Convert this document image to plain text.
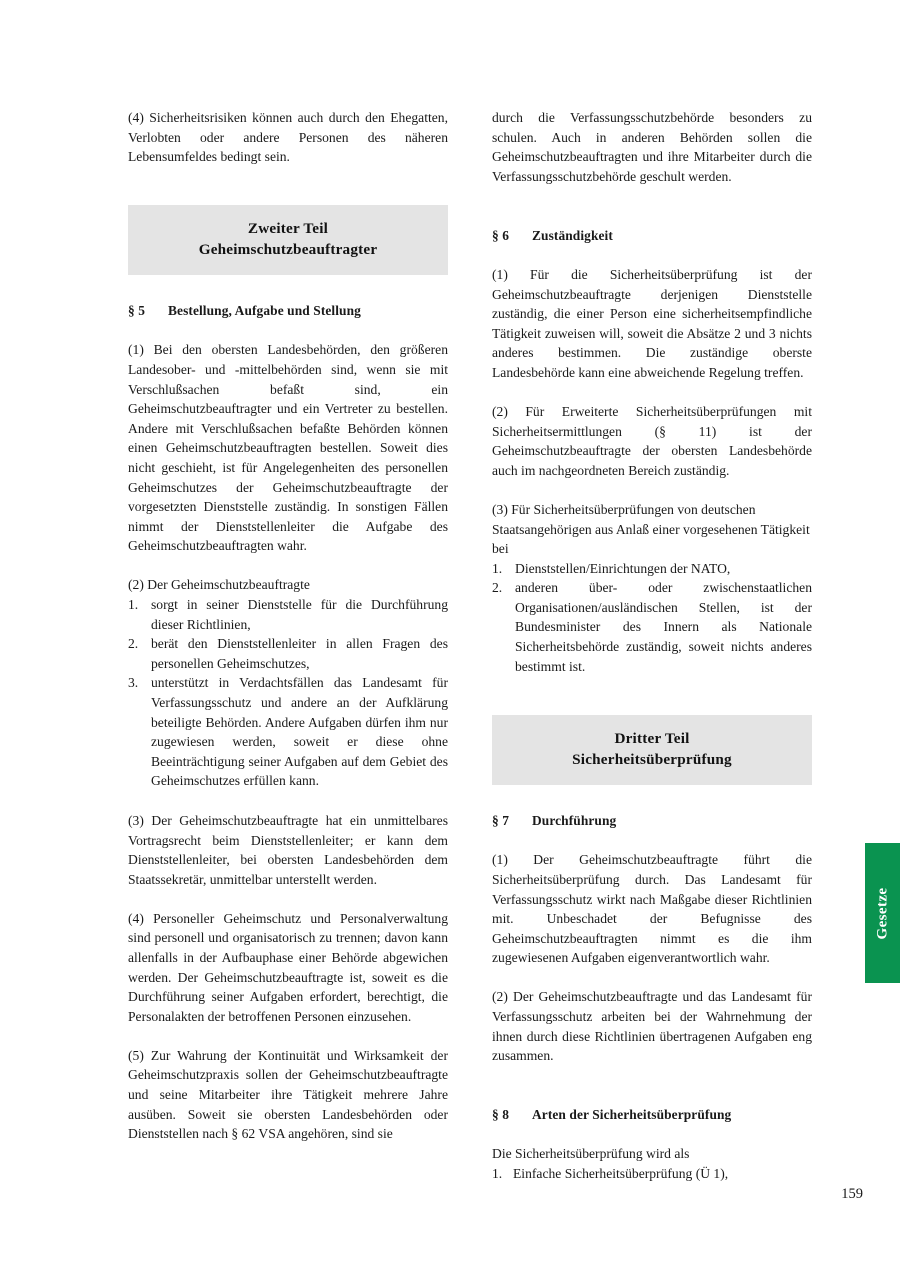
(4) Sicherheitsrisiken können auch durch den Ehegatten, Verlobten oder andere Personen des näheren Lebensumfeldes bedingt sein.

Zweiter Teil
Geheimschutzbeauftragter
§ 5 Bestellung, Aufgabe und Stellung

(1) Bei den obersten Landesbehörden, den größeren Landesober- und -mittelbehörden sind, wenn sie mit Verschlußsachen befaßt sind, ein Geheimschutzbeauftragter und ein Vertreter zu bestellen. Andere mit Verschlußsachen befaßte Behörden können einen Geheimschutzbeauftragten bestellen. Soweit dies nicht geschieht, ist für Angelegenheiten des personellen Geheimschutzes der Geheimschutzbeauftragte der vorgesetzten Dienststelle zuständig. In sonstigen Fällen nimmt der Dienststellenleiter die Aufgabe des Geheimschutzbeauftragten wahr.

(2) Der Geheimschutzbeauftragte

1. sorgt in seiner Dienststelle für die Durchführung dieser Richtlinien,
2. berät den Dienststellenleiter in allen Fragen des personellen Geheimschutzes,
3. unterstützt in Verdachtsfällen das Landesamt für Verfassungsschutz und andere an der Aufklärung beteiligte Behörden. Andere Aufgaben dürfen ihm nur zugewiesen werden, soweit er diese ohne Beeinträchtigung seiner Aufgaben auf dem Gebiet des Geheimschutzes erfüllen kann.

(3) Der Geheimschutzbeauftragte hat ein unmittelbares Vortragsrecht beim Dienststellenleiter; er kann dem Dienststellenleiter, bei obersten Landesbehörden dem Staatssekretär, unmittelbar unterstellt werden.

(4) Personeller Geheimschutz und Personalverwaltung sind personell und organisatorisch zu trennen; davon kann allenfalls in der Aufbauphase einer Behörde abgewichen werden. Der Geheimschutzbeauftragte ist, soweit es die Durchführung seiner Aufgaben erfordert, berechtigt, die Personalakten der betroffenen Personen einzusehen.

(5) Zur Wahrung der Kontinuität und Wirksamkeit der Geheimschutzpraxis sollen der Geheimschutzbeauftragte und seine Mitarbeiter ihre Tätigkeit mehrere Jahre ausüben. Soweit sie obersten Landesbehörden oder Dienststellen nach § 62 VSA angehören, sind sie

durch die Verfassungsschutzbehörde besonders zu schulen. Auch in anderen Behörden sollen die Geheimschutzbeauftragten und ihre Mitarbeiter durch die Verfassungsschutzbehörde geschult werden.

§ 6 Zuständigkeit

(1) Für die Sicherheitsüberprüfung ist der Geheimschutzbeauftragte derjenigen Dienststelle zuständig, die einer Person eine sicherheitsempfindliche Tätigkeit zuweisen will, soweit die Absätze 2 und 3 nichts anderes bestimmen. Die zuständige oberste Landesbehörde kann eine abweichende Regelung treffen.

(2) Für Erweiterte Sicherheitsüberprüfungen mit Sicherheitsermittlungen (§ 11) ist der Geheimschutzbeauftragte der obersten Landesbehörde auch im nachgeordneten Bereich zuständig.

(3) Für Sicherheitsüberprüfungen von deutschen Staatsangehörigen aus Anlaß einer vorgesehenen Tätigkeit bei

1. Dienststellen/Einrichtungen der NATO,
2. anderen über- oder zwischenstaatlichen Organisationen/ausländischen Stellen, ist der Bundesminister des Innern als Nationale Sicherheitsbehörde zuständig, soweit nichts anderes bestimmt ist.
Dritter Teil
Sicherheitsüberprüfung
§ 7 Durchführung

(1) Der Geheimschutzbeauftragte führt die Sicherheitsüberprüfung durch. Das Landesamt für Verfassungsschutz wirkt nach Maßgabe dieser Richtlinien mit. Unbeschadet der Befugnisse des Geheimschutzbeauftragten nimmt es die ihm zugewiesenen Aufgaben eigenverantwortlich wahr.

(2) Der Geheimschutzbeauftragte und das Landesamt für Verfassungsschutz arbeiten bei der Wahrnehmung der ihnen durch diese Richtlinien übertragenen Aufgaben eng zusammen.

§ 8 Arten der Sicherheitsüberprüfung

Die Sicherheitsüberprüfung wird als

1. Einfache Sicherheitsüberprüfung (Ü 1),
Gesetze
159
